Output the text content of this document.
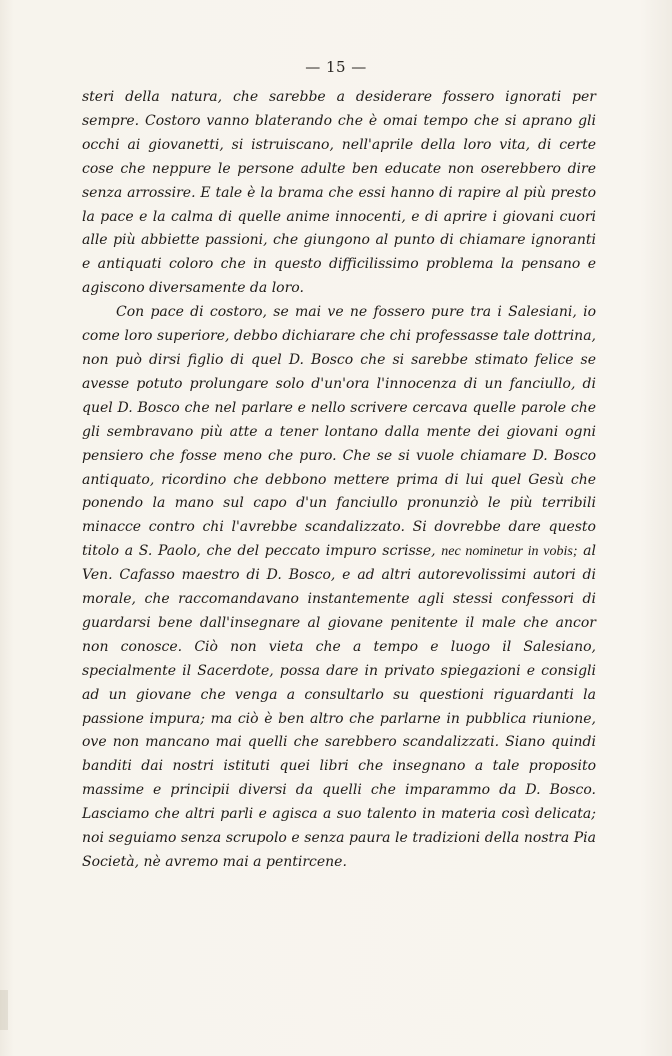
— 15 —

steri della natura, che sarebbe a desiderare fossero ignorati per sempre. Costoro vanno blaterando che è omai tempo che si aprano gli occhi ai giovanetti, si istruiscano, nell'aprile della loro vita, di certe cose che neppure le persone adulte ben educate non oserebbero dire senza arrossire. E tale è la brama che essi hanno di rapire al più presto la pace e la calma di quelle anime innocenti, e di aprire i giovani cuori alle più abbiette passioni, che giungono al punto di chiamare ignoranti e antiquati coloro che in questo difficilissimo problema la pensano e agiscono diversamente da loro.

Con pace di costoro, se mai ve ne fossero pure tra i Salesiani, io come loro superiore, debbo dichiarare che chi professasse tale dottrina, non può dirsi figlio di quel D. Bosco che si sarebbe stimato felice se avesse potuto prolungare solo d'un'ora l'innocenza di un fanciullo, di quel D. Bosco che nel parlare e nello scrivere cercava quelle parole che gli sembravano più atte a tener lontano dalla mente dei giovani ogni pensiero che fosse meno che puro. Che se si vuole chiamare D. Bosco antiquato, ricordino che debbono mettere prima di lui quel Gesù che ponendo la mano sul capo d'un fanciullo pronunziò le più terribili minacce contro chi l'avrebbe scandalizzato. Si dovrebbe dare questo titolo a S. Paolo, che del peccato impuro scrisse, nec nominetur in vobis; al Ven. Cafasso maestro di D. Bosco, e ad altri autorevolissimi autori di morale, che raccomandavano instantemente agli stessi confessori di guardarsi bene dall'insegnare al giovane penitente il male che ancor non conosce. Ciò non vieta che a tempo e luogo il Salesiano, specialmente il Sacerdote, possa dare in privato spiegazioni e consigli ad un giovane che venga a consultarlo su questioni riguardanti la passione impura; ma ciò è ben altro che parlarne in pubblica riunione, ove non mancano mai quelli che sarebbero scandalizzati. Siano quindi banditi dai nostri istituti quei libri che insegnano a tale proposito massime e principii diversi da quelli che imparammo da D. Bosco. Lasciamo che altri parli e agisca a suo talento in materia così delicata; noi seguiamo senza scrupolo e senza paura le tradizioni della nostra Pia Società, nè avremo mai a pentircene.
